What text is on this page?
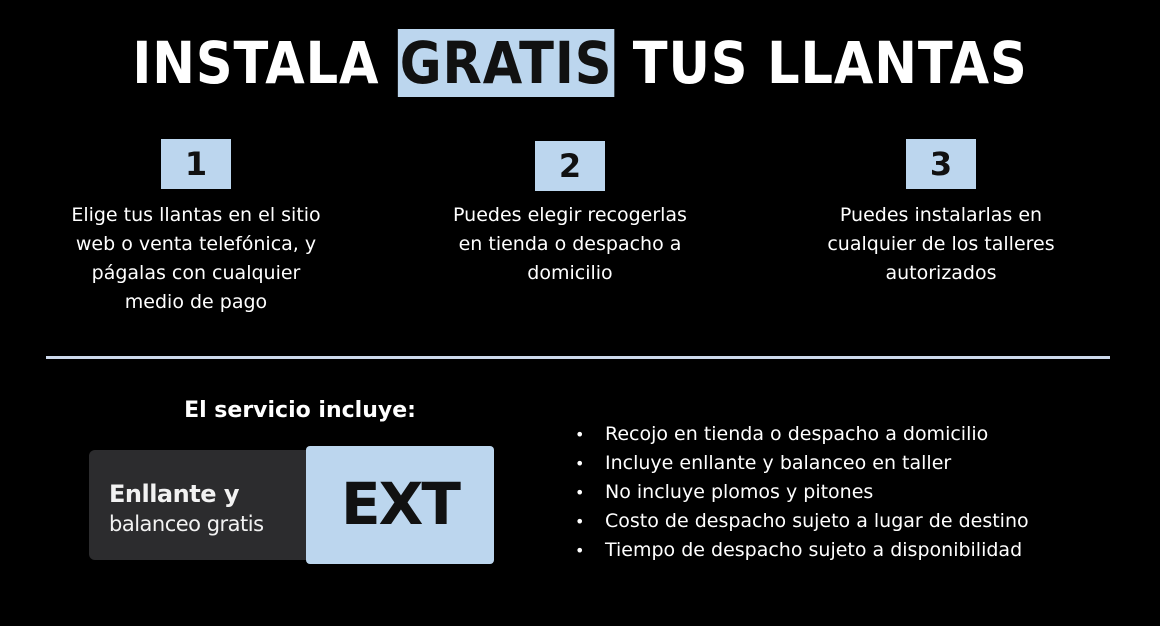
INSTALA GRATIS TUS LLANTAS
1
Elige tus llantas en el sitio web o venta telefónica, y págalas con cualquier medio de pago
2
Puedes elegir recogerlas en tienda o despacho a domicilio
3
Puedes instalarlas en cualquier de los talleres autorizados
El servicio incluye:
Enllante y
balanceo gratis	EXT
• Recojo en tienda o despacho a domicilio
• Incluye enllante y balanceo en taller
• No incluye plomos y pitones
• Costo de despacho sujeto a lugar de destino
• Tiempo de despacho sujeto a disponibilidad
